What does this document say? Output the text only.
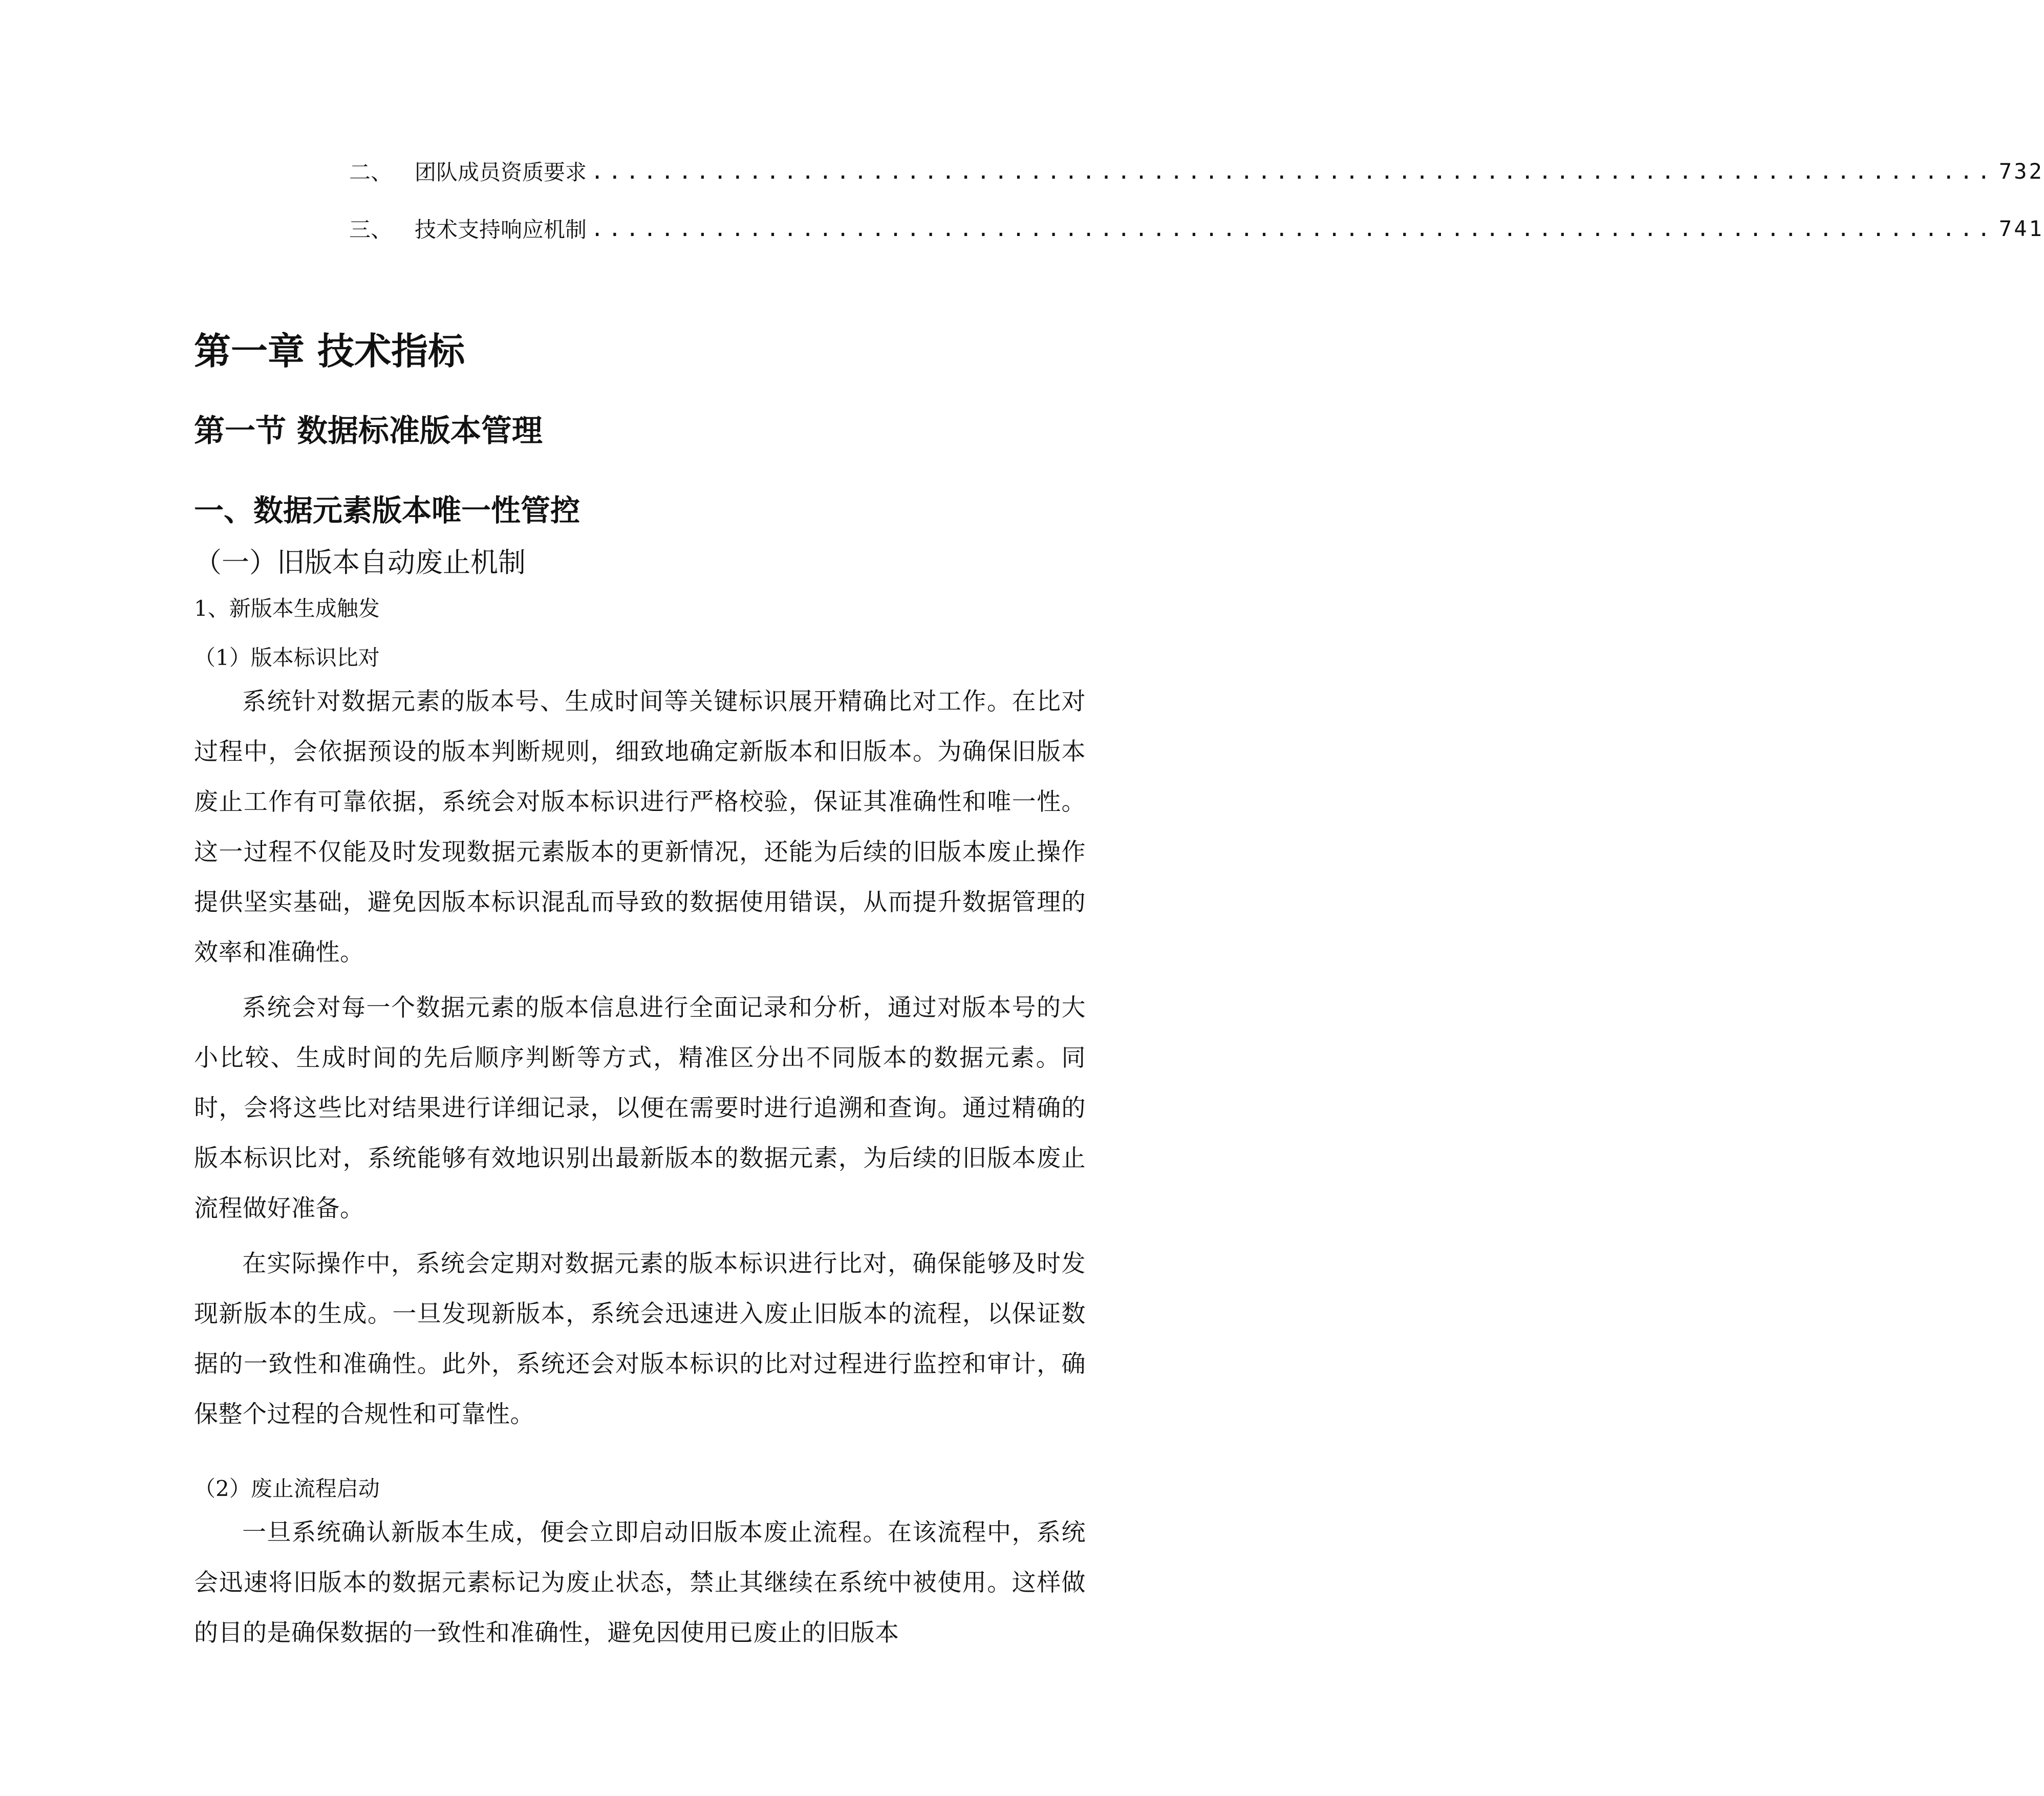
二、	团队成员资质要求 ................................................................................ 732
三、	技术支持响应机制 ................................................................................ 741
第一章 技术指标
第一节 数据标准版本管理
一、数据元素版本唯一性管控
（一）旧版本自动废止机制
1、新版本生成触发
（1）版本标识比对

系统针对数据元素的版本号、生成时间等关键标识展开精确比对工作。在比对过程中，会依据预设的版本判断规则，细致地确定新版本和旧版本。为确保旧版本废止工作有可靠依据，系统会对版本标识进行严格校验，保证其准确性和唯一性。这一过程不仅能及时发现数据元素版本的更新情况，还能为后续的旧版本废止操作提供坚实基础，避免因版本标识混乱而导致的数据使用错误，从而提升数据管理的效率和准确性。

系统会对每一个数据元素的版本信息进行全面记录和分析，通过对版本号的大小比较、生成时间的先后顺序判断等方式，精准区分出不同版本的数据元素。同时，会将这些比对结果进行详细记录，以便在需要时进行追溯和查询。通过精确的版本标识比对，系统能够有效地识别出最新版本的数据元素，为后续的旧版本废止流程做好准备。

在实际操作中，系统会定期对数据元素的版本标识进行比对，确保能够及时发现新版本的生成。一旦发现新版本，系统会迅速进入废止旧版本的流程，以保证数据的一致性和准确性。此外，系统还会对版本标识的比对过程进行监控和审计，确保整个过程的合规性和可靠性。

（2）废止流程启动

一旦系统确认新版本生成，便会立即启动旧版本废止流程。在该流程中，系统会迅速将旧版本的数据元素标记为废止状态，禁止其继续在系统中被使用。这样做的目的是确保数据的一致性和准确性，避免因使用已废止的旧版本
